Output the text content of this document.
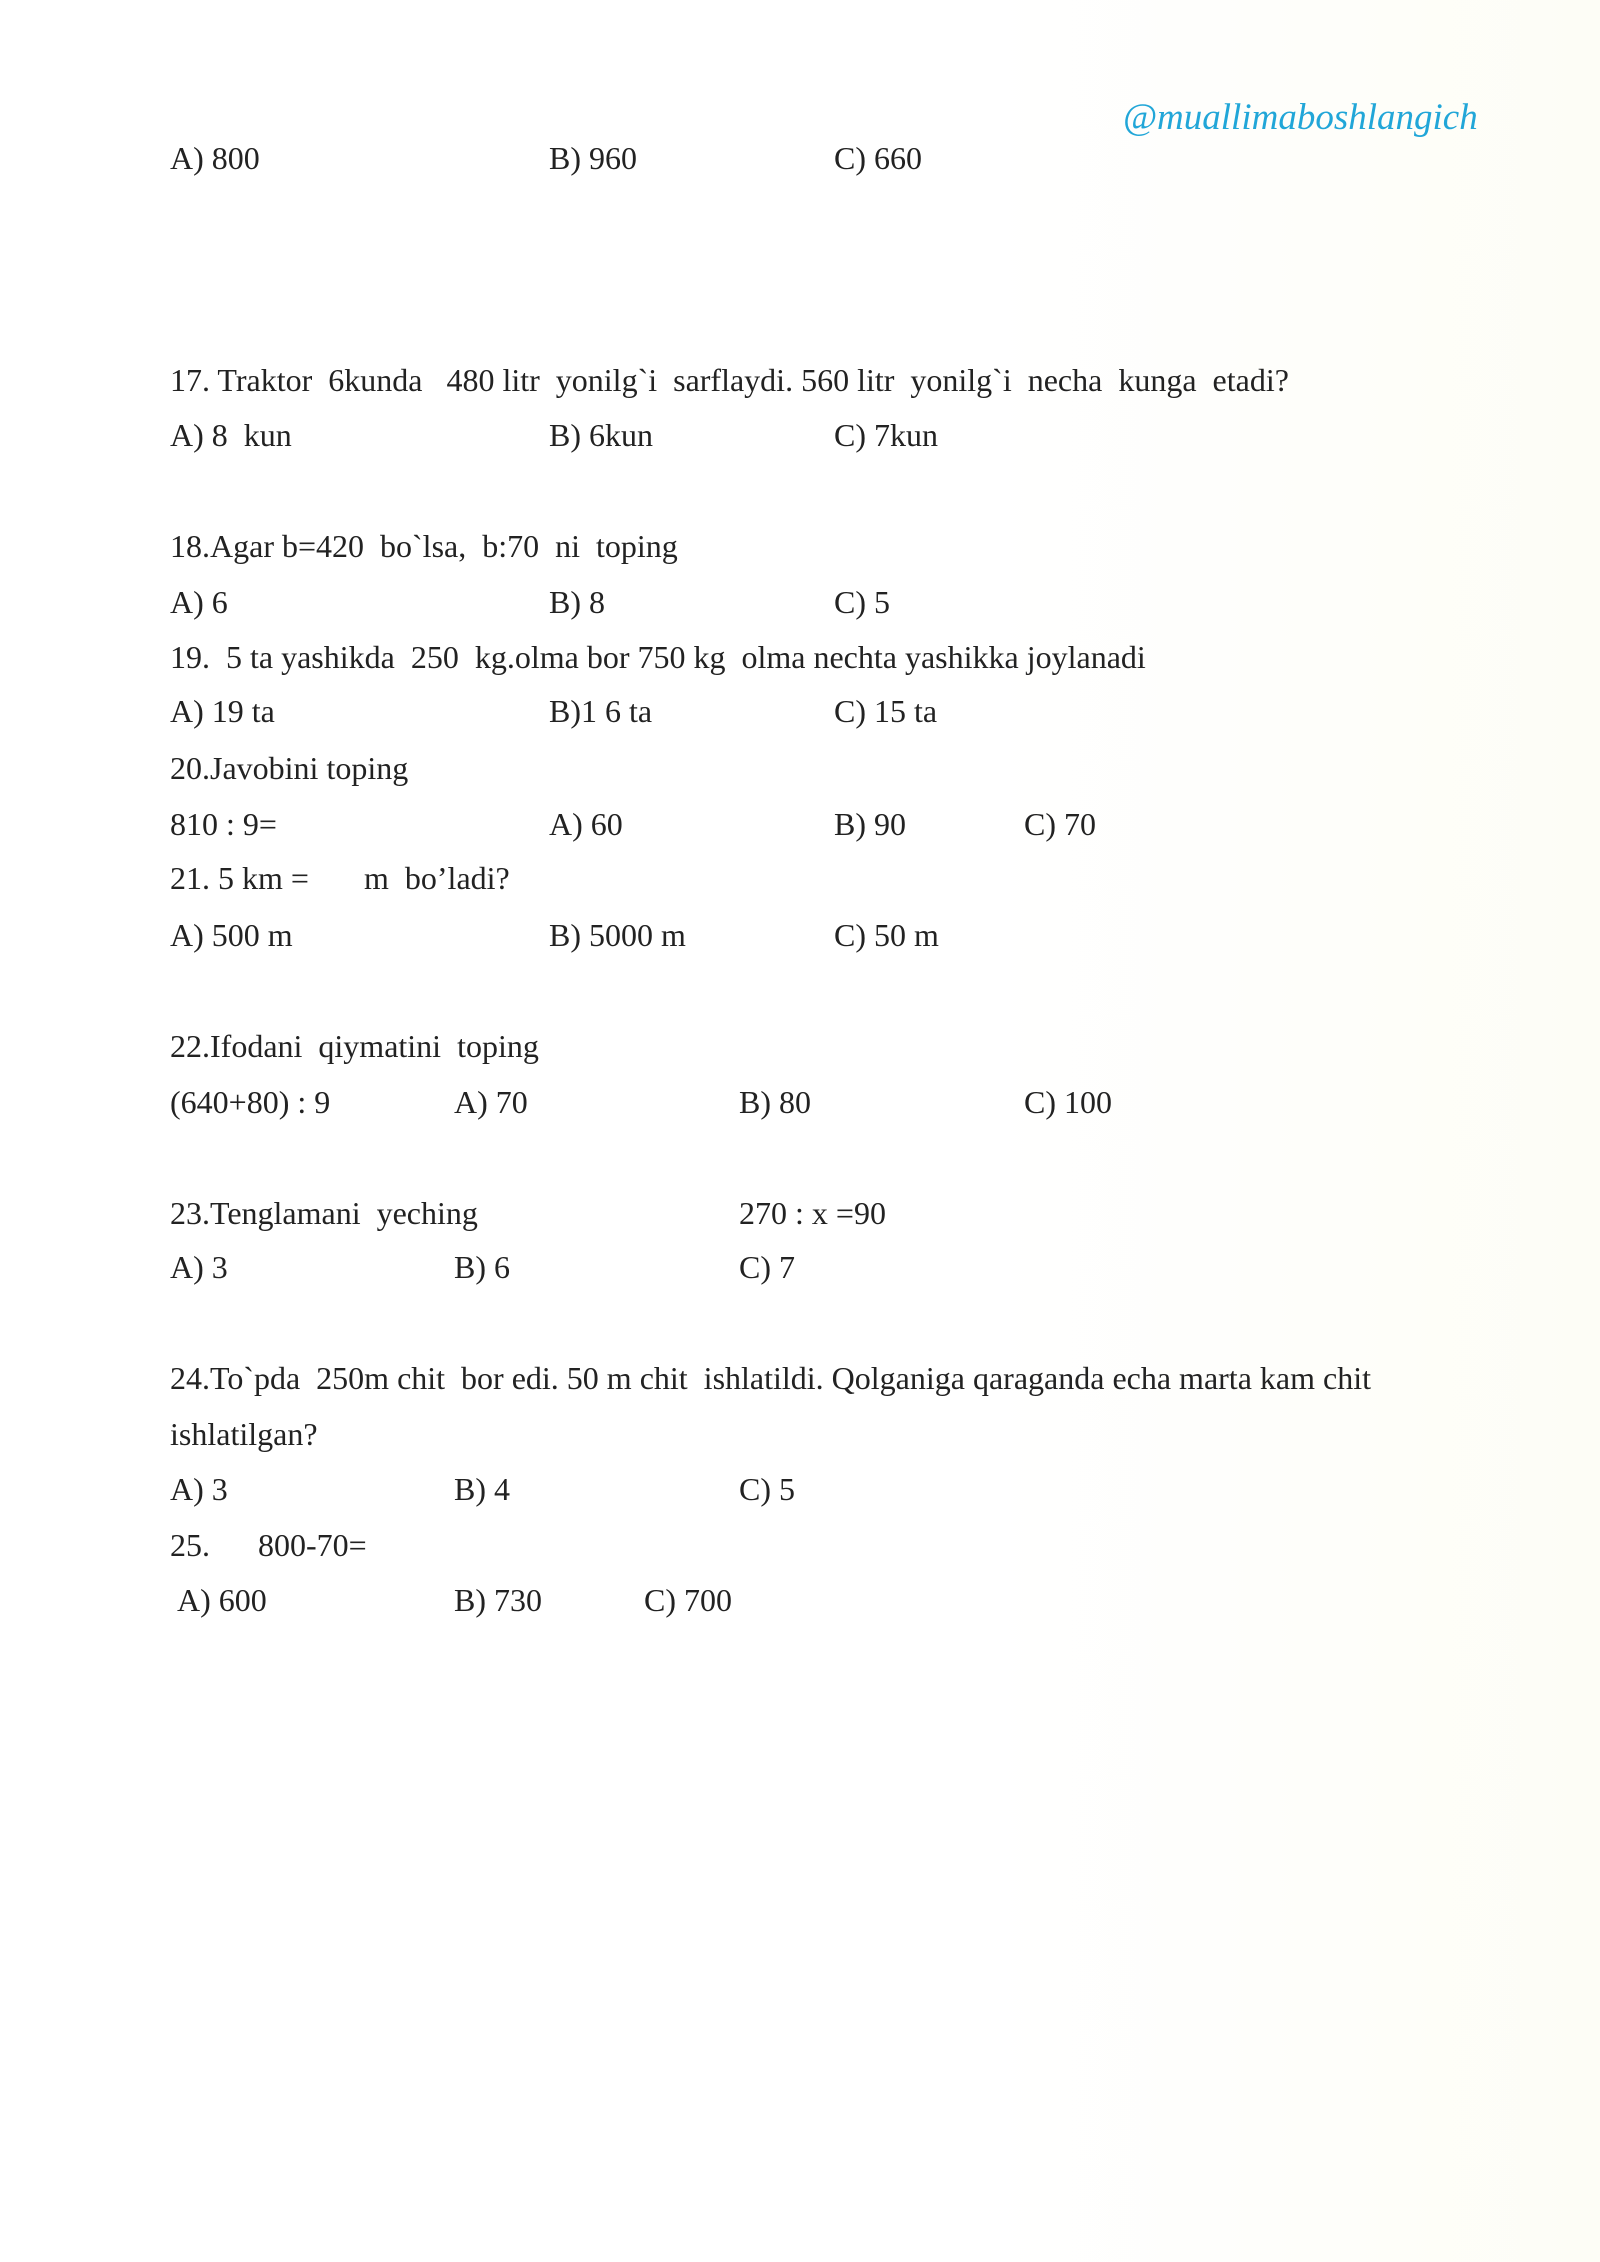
@muallimaboshlangich
A) 800	B) 960	C) 660
17. Traktor  6kunda   480 litr  yonilg`i  sarflaydi. 560 litr  yonilg`i  necha  kunga  etadi?
A) 8  kun	B) 6kun	C) 7kun
18.Agar b=420  bo`lsa,  b:70  ni  toping
A) 6	B) 8	C) 5
19.  5 ta yashikda  250  kg.olma bor 750 kg  olma nechta yashikka joylanadi
A) 19 ta	B)1 6 ta	C) 15 ta
20.Javobini toping
810 : 9=	A) 60	B) 90	C) 70
21. 5 km = m  bo’ladi?
A) 500 m	B) 5000 m	C) 50 m
22.Ifodani  qiymatini  toping
(640+80) : 9	A) 70	B) 80	C) 100
23.Tenglamani  yeching	270 : x =90
A) 3	B) 6	C) 7
24.To`pda  250m chit  bor edi. 50 m chit  ishlatildi. Qolganiga qaraganda echa marta kam chit
ishlatilgan?
A) 3	B) 4	C) 5
25. 800-70=
A) 600	B) 730	C) 700
